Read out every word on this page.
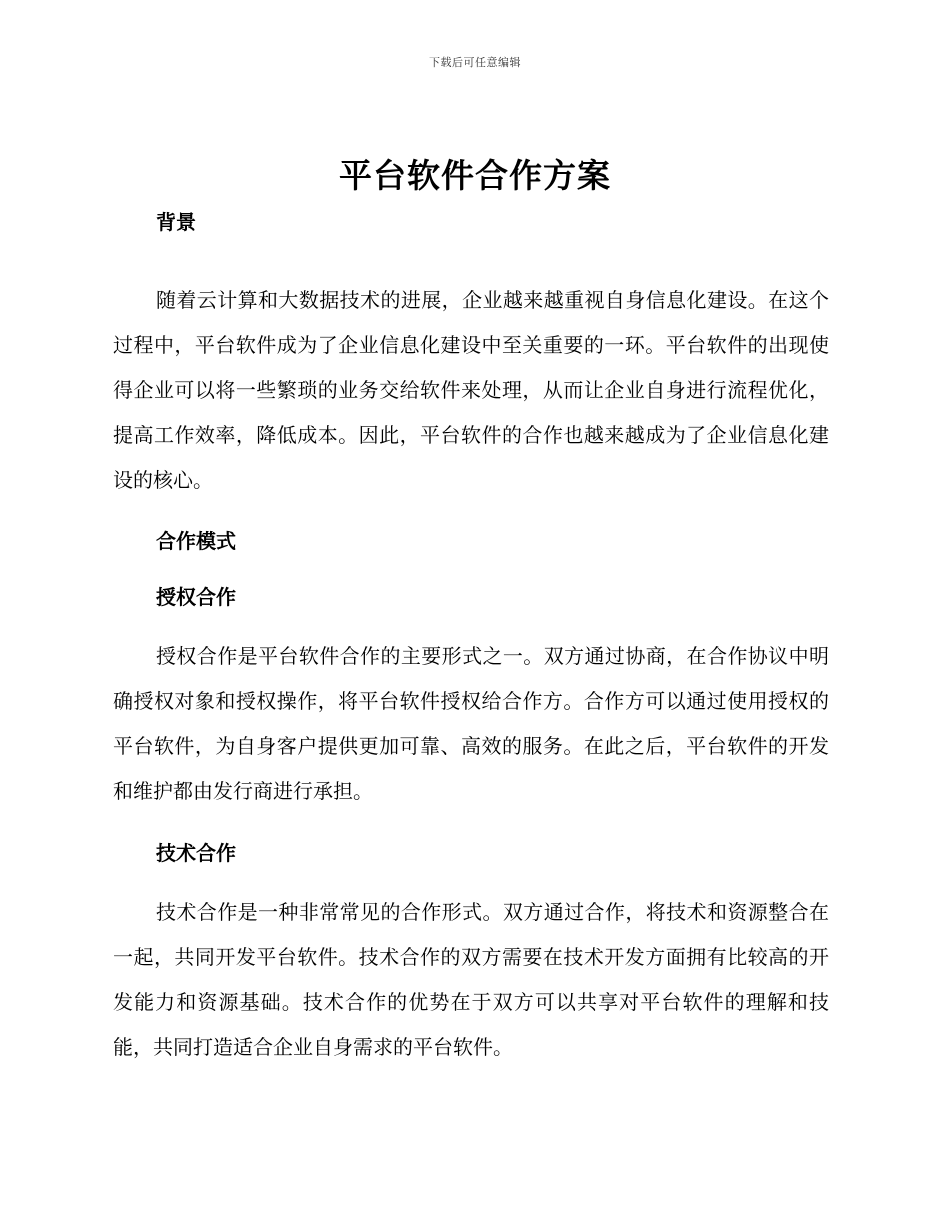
下载后可任意编辑
平台软件合作方案
背景

随着云计算和大数据技术的进展，企业越来越重视自身信息化建设。在这个过程中，平台软件成为了企业信息化建设中至关重要的一环。平台软件的出现使得企业可以将一些繁琐的业务交给软件来处理，从而让企业自身进行流程优化，提高工作效率，降低成本。因此，平台软件的合作也越来越成为了企业信息化建设的核心。

合作模式
授权合作

授权合作是平台软件合作的主要形式之一。双方通过协商，在合作协议中明确授权对象和授权操作，将平台软件授权给合作方。合作方可以通过使用授权的平台软件，为自身客户提供更加可靠、高效的服务。在此之后，平台软件的开发和维护都由发行商进行承担。

技术合作

技术合作是一种非常常见的合作形式。双方通过合作，将技术和资源整合在一起，共同开发平台软件。技术合作的双方需要在技术开发方面拥有比较高的开发能力和资源基础。技术合作的优势在于双方可以共享对平台软件的理解和技能，共同打造适合企业自身需求的平台软件。
